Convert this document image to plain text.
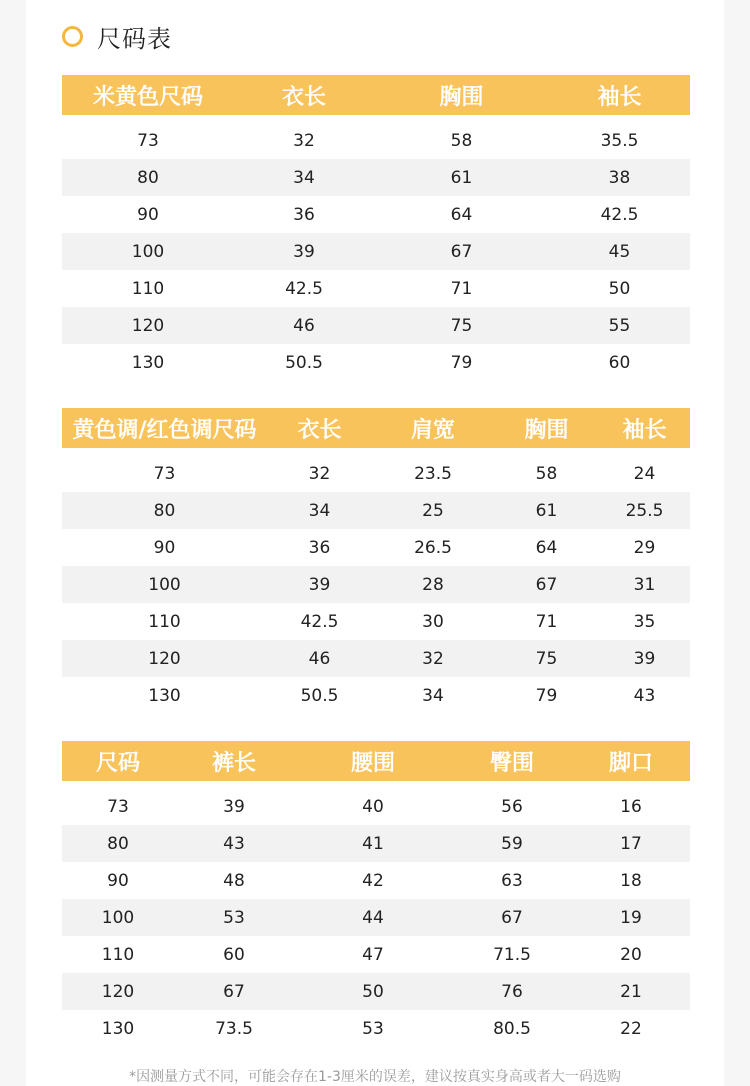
尺码表
米黄色尺码	衣长	胸围	袖长

73	32	58	35.5
80	34	61	38
90	36	64	42.5
100	39	67	45
110	42.5	71	50
120	46	75	55
130	50.5	79	60
黄色调/红色调尺码	衣长	肩宽	胸围	袖长

73	32	23.5	58	24
80	34	25	61	25.5
90	36	26.5	64	29
100	39	28	67	31
110	42.5	30	71	35
120	46	32	75	39
130	50.5	34	79	43
尺码	裤长	腰围	臀围	脚口

73	39	40	56	16
80	43	41	59	17
90	48	42	63	18
100	53	44	67	19
110	60	47	71.5	20
120	67	50	76	21
130	73.5	53	80.5	22
*因测量方式不同，可能会存在1-3厘米的误差，建议按真实身高或者大一码选购
